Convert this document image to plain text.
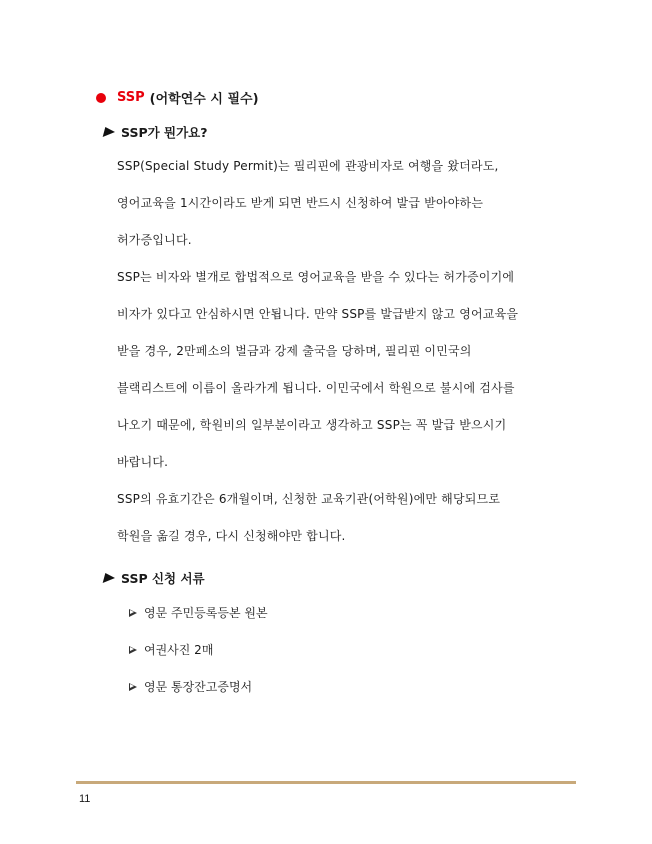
SSP (어학연수 시 필수)
SSP가 뭔가요?
SSP(Special Study Permit)는 필리핀에 관광비자로 여행을 왔더라도,
영어교육을 1시간이라도 받게 되면 반드시 신청하여 발급 받아야하는
허가증입니다.
SSP는 비자와 별개로 합법적으로 영어교육을 받을 수 있다는 허가증이기에
비자가 있다고 안심하시면 안됩니다. 만약 SSP를 발급받지 않고 영어교육을
받을 경우, 2만페소의 벌금과 강제 출국을 당하며, 필리핀 이민국의
블랙리스트에 이름이 올라가게 됩니다. 이민국에서 학원으로 불시에 검사를
나오기 때문에, 학원비의 일부분이라고 생각하고 SSP는 꼭 발급 받으시기
바랍니다.
SSP의 유효기간은 6개월이며, 신청한 교육기관(어학원)에만 해당되므로
학원을 옮길 경우, 다시 신청해야만 합니다.
SSP 신청 서류
영문 주민등록등본 원본
여권사진 2매
영문 통장잔고증명서
11
